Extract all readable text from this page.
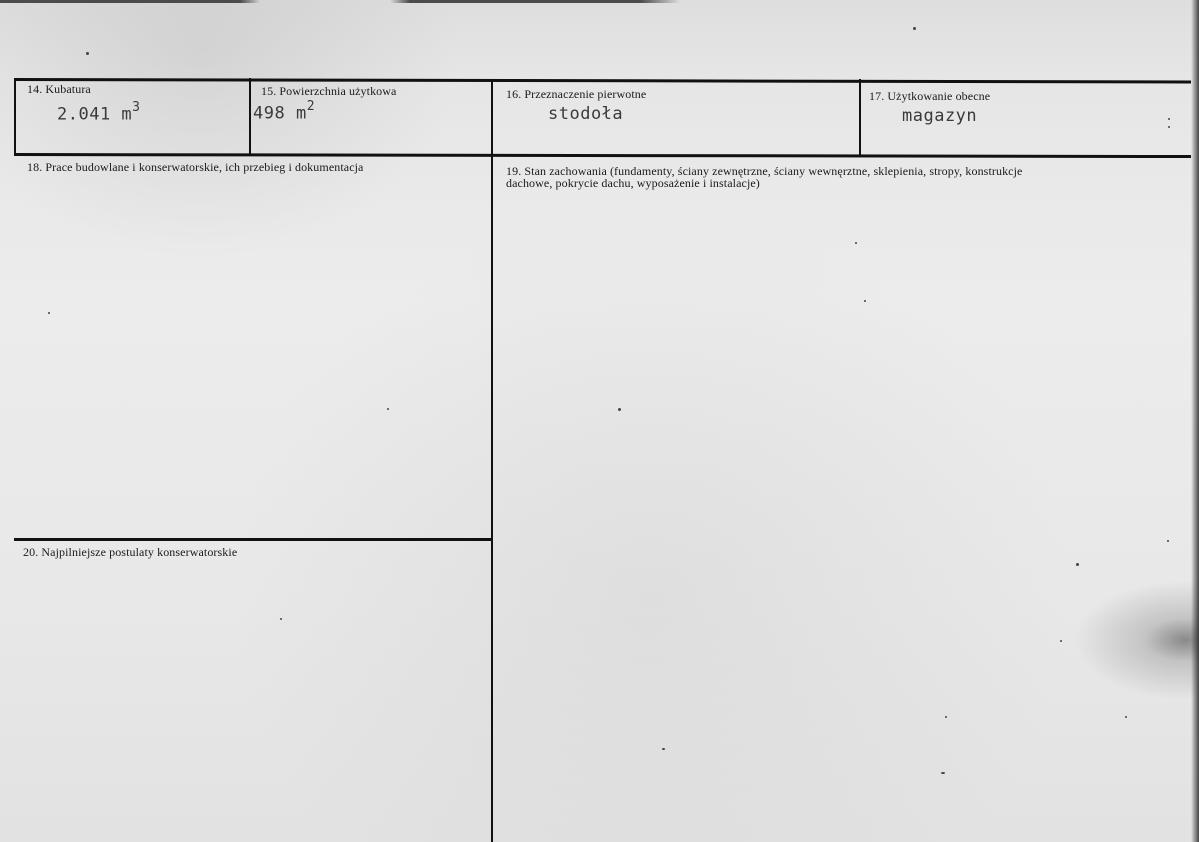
14. Kubatura
2.041 $m^3$
15. Powierzchnia użytkowa
498 $m^2$
16. Przeznaczenie pierwotne
stodoła
17. Użytkowanie obecne
magazyn
18. Prace budowlane i konserwatorskie, ich przebieg i dokumentacja	19. Stan zachowania (fundamenty, ściany zewnętrzne, ściany wewnęrztne, sklepienia, stropy, konstrukcje dachowe, pokrycie dachu, wyposażenie i instalacje)
20. Najpilniejsze postulaty konserwatorskie
